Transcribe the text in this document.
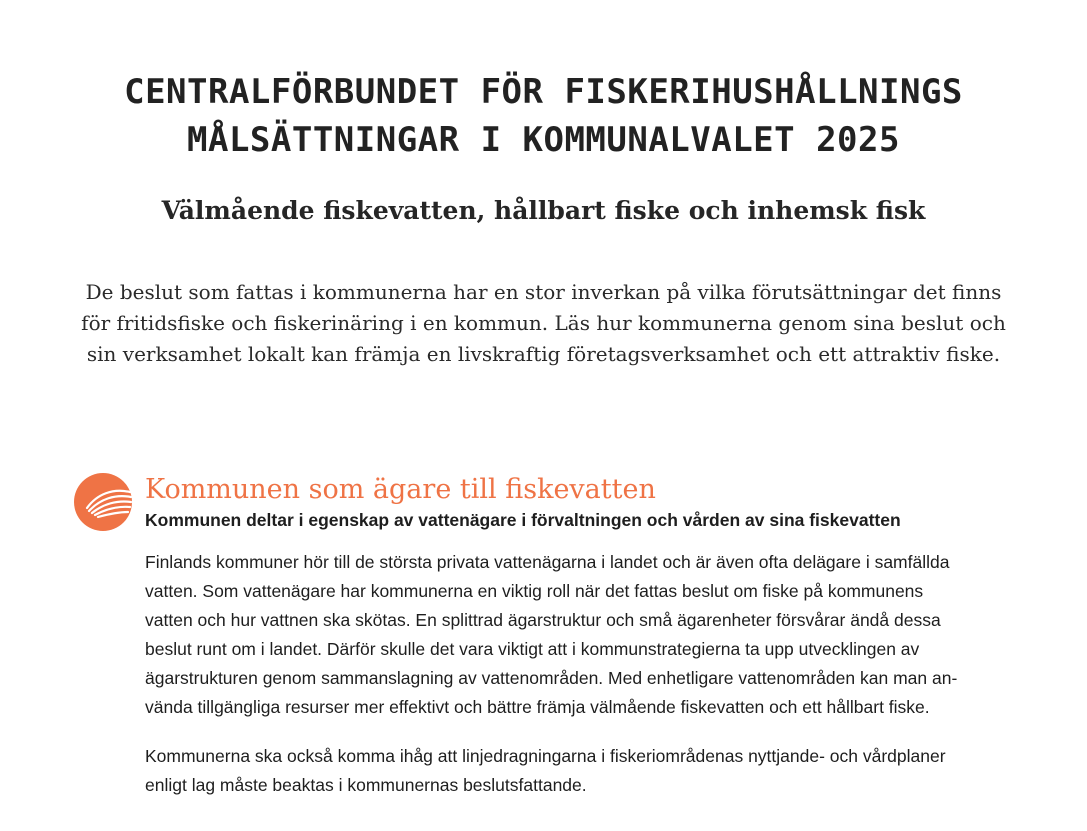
CENTRALFÖRBUNDET FÖR FISKERIHUSHÅLLNINGS
MÅLSÄTTNINGAR I KOMMUNALVALET 2025
Välmående fiskevatten, hållbart fiske och inhemsk fisk

De beslut som fattas i kommunerna har en stor inverkan på vilka förutsättningar det finns för fritidsfiske och fiskerinäring i en kommun. Läs hur kommunerna genom sina beslut och sin verksamhet lokalt kan främja en livskraftig företagsverksamhet och ett attraktiv fiske.

Kommunen som ägare till fiskevatten

Kommunen deltar i egenskap av vattenägare i förvaltningen och vården av sina fiskevatten

Finlands kommuner hör till de största privata vattenägarna i landet och är även ofta delägare i samfällda
vatten. Som vattenägare har kommunerna en viktig roll när det fattas beslut om fiske på kommunens
vatten och hur vattnen ska skötas. En splittrad ägarstruktur och små ägarenheter försvårar ändå dessa
beslut runt om i landet. Därför skulle det vara viktigt att i kommunstrategierna ta upp utvecklingen av
ägarstrukturen genom sammanslagning av vattenområden. Med enhetligare vattenområden kan man an-
vända tillgängliga resurser mer effektivt och bättre främja välmående fiskevatten och ett hållbart fiske.

Kommunerna ska också komma ihåg att linjedragningarna i fiskeriområdenas nyttjande- och vårdplaner
enligt lag måste beaktas i kommunernas beslutsfattande.
